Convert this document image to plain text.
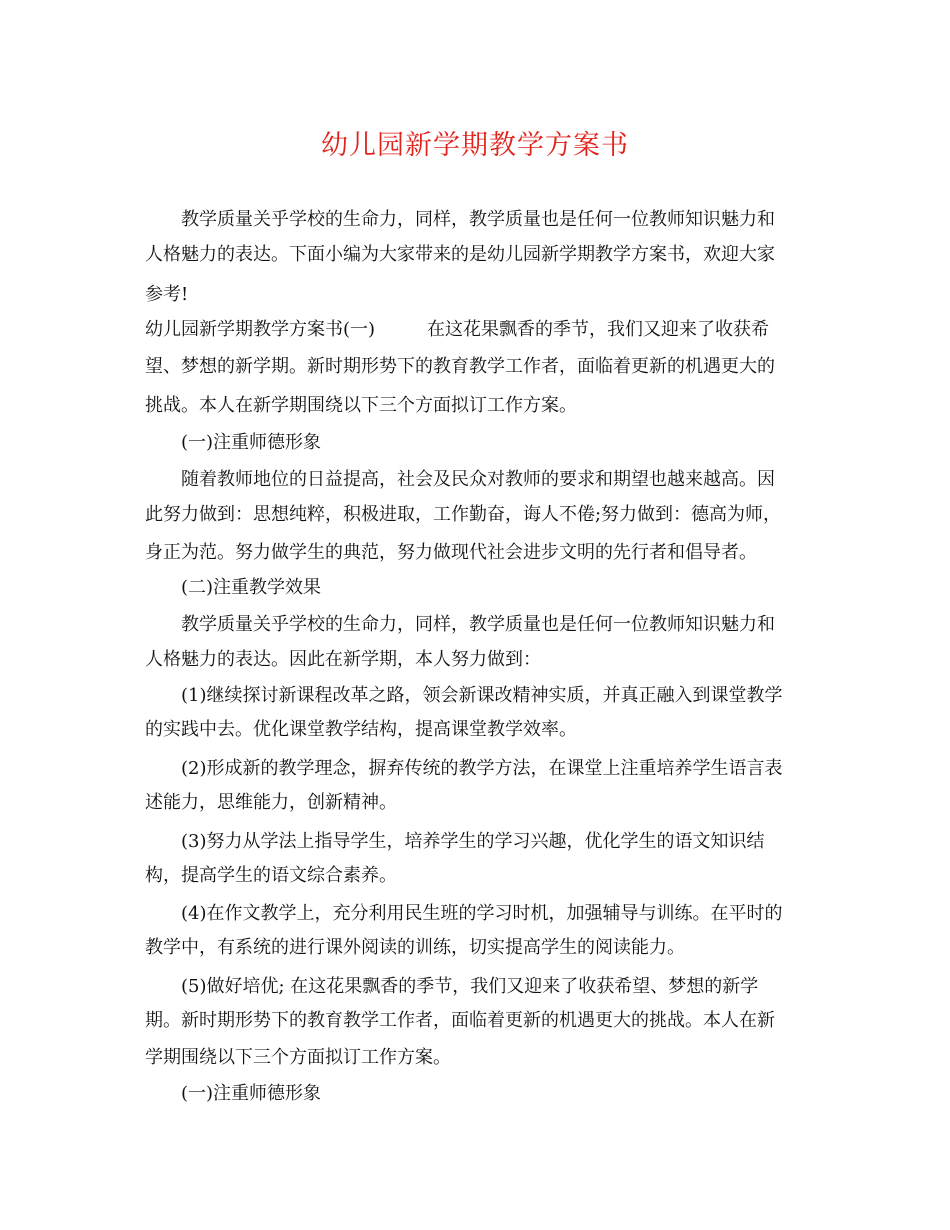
幼儿园新学期教学方案书
教学质量关乎学校的生命力，同样，教学质量也是任何一位教师知识魅力和
人格魅力的表达。下面小编为大家带来的是幼儿园新学期教学方案书，欢迎大家
参考!
幼儿园新学期教学方案书(一)	在这花果飘香的季节，我们又迎来了收获希
望、梦想的新学期。新时期形势下的教育教学工作者，面临着更新的机遇更大的
挑战。本人在新学期围绕以下三个方面拟订工作方案。
(一)注重师德形象
随着教师地位的日益提高，社会及民众对教师的要求和期望也越来越高。因
此努力做到：思想纯粹，积极进取，工作勤奋，诲人不倦;努力做到：德高为师，
身正为范。努力做学生的典范，努力做现代社会进步文明的先行者和倡导者。
(二)注重教学效果
教学质量关乎学校的生命力，同样，教学质量也是任何一位教师知识魅力和
人格魅力的表达。因此在新学期，本人努力做到：
(1)继续探讨新课程改革之路，领会新课改精神实质，并真正融入到课堂教学
的实践中去。优化课堂教学结构，提高课堂教学效率。
(2)形成新的教学理念，摒弃传统的教学方法，在课堂上注重培养学生语言表
述能力，思维能力，创新精神。
(3)努力从学法上指导学生，培养学生的学习兴趣，优化学生的语文知识结
构，提高学生的语文综合素养。
(4)在作文教学上，充分利用民生班的学习时机，加强辅导与训练。在平时的
教学中，有系统的进行课外阅读的训练，切实提高学生的阅读能力。
(5)做好培优; 在这花果飘香的季节，我们又迎来了收获希望、梦想的新学
期。新时期形势下的教育教学工作者，面临着更新的机遇更大的挑战。本人在新
学期围绕以下三个方面拟订工作方案。
(一)注重师德形象
